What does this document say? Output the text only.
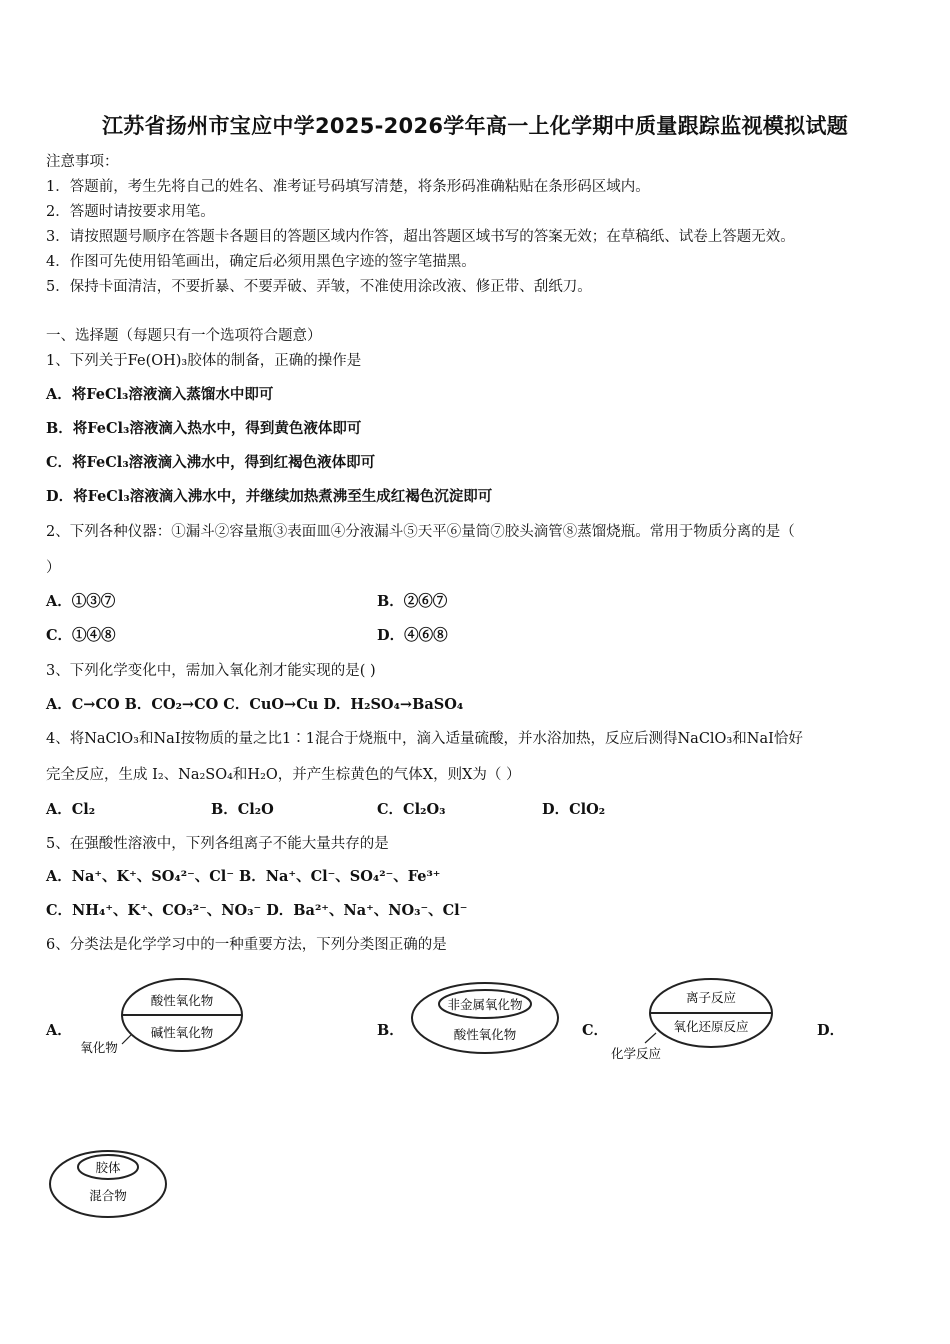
江苏省扬州市宝应中学2025-2026学年高一上化学期中质量跟踪监视模拟试题
注意事项：
1．答题前，考生先将自己的姓名、准考证号码填写清楚，将条形码准确粘贴在条形码区域内。
2．答题时请按要求用笔。
3．请按照题号顺序在答题卡各题目的答题区域内作答，超出答题区域书写的答案无效；在草稿纸、试卷上答题无效。
4．作图可先使用铅笔画出，确定后必须用黑色字迹的签字笔描黑。
5．保持卡面清洁，不要折暴、不要弄破、弄皱，不准使用涂改液、修正带、刮纸刀。
一、选择题（每题只有一个选项符合题意）
1、下列关于Fe(OH)₃胶体的制备，正确的操作是
A．将FeCl₃溶液滴入蒸馏水中即可
B．将FeCl₃溶液滴入热水中，得到黄色液体即可
C．将FeCl₃溶液滴入沸水中，得到红褐色液体即可
D．将FeCl₃溶液滴入沸水中，并继续加热煮沸至生成红褐色沉淀即可
2、下列各种仪器：①漏斗②容量瓶③表面皿④分液漏斗⑤天平⑥量筒⑦胶头滴管⑧蒸馏烧瓶。常用于物质分离的是（
）
A．①③⑦	B．②⑥⑦
C．①④⑧	D．④⑥⑧
3、下列化学变化中，需加入氧化剂才能实现的是( )
A．C→CO B．CO₂→CO C．CuO→Cu D．H₂SO₄→BaSO₄
4、将NaClO₃和NaI按物质的量之比1∶1混合于烧瓶中，滴入适量硫酸，并水浴加热，反应后测得NaClO₃和NaI恰好
完全反应，生成 I₂、Na₂SO₄和H₂O，并产生棕黄色的气体X，则X为（ ）
A．Cl₂	B．Cl₂O	C．Cl₂O₃	D．ClO₂
5、在强酸性溶液中，下列各组离子不能大量共存的是
A．Na⁺、K⁺、SO₄²⁻、Cl⁻ B．Na⁺、Cl⁻、SO₄²⁻、Fe³⁺
C．NH₄⁺、K⁺、CO₃²⁻、NO₃⁻ D．Ba²⁺、Na⁺、NO₃⁻、Cl⁻
6、分类法是化学学习中的一种重要方法，下列分类图正确的是
A．
酸性氧化物
碱性氧化物
氧化物
B．
非金属氧化物
酸性氧化物	C．
离子反应
氧化还原反应
化学反应
D．
胶体
混合物
